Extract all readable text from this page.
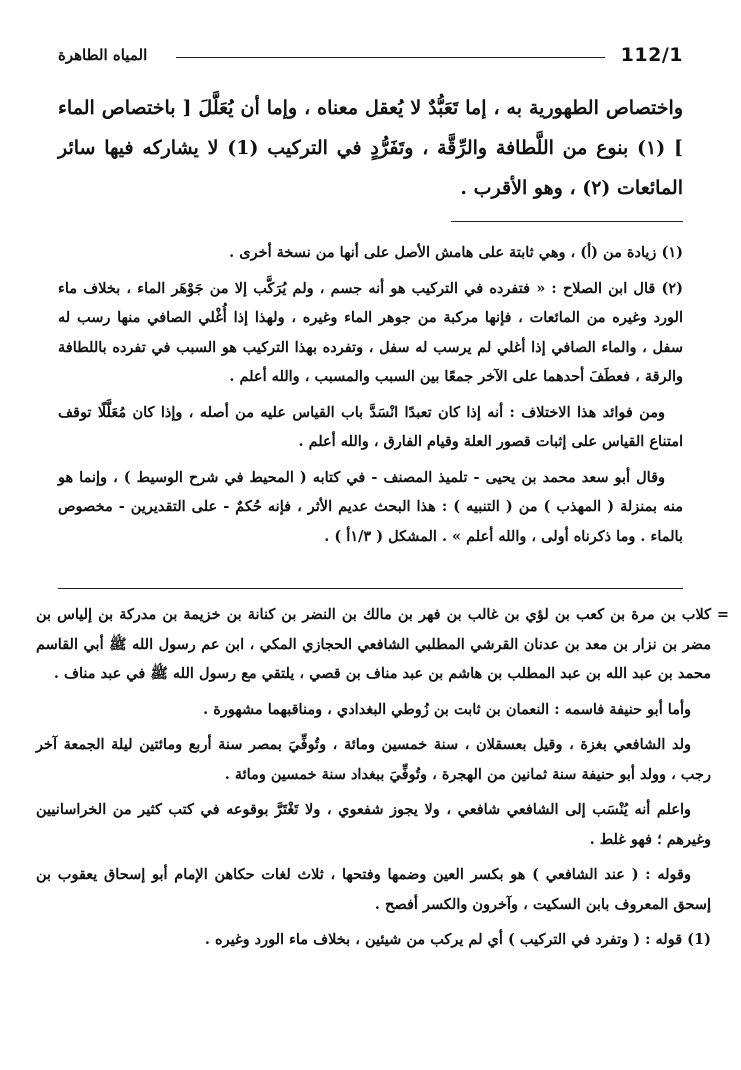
112/1
المياه الطاهرة

واختصاص الطهورية به ، إما تَعَبُّدٌ لا يُعقل معناه ، وإما أن يُعَلَّلَ [ باختصاص الماء ] (١) بنوع من اللَّطافة والرِّقَّة ، وتَفَرُّدٍ في التركيب (1) لا يشاركه فيها سائر المائعات (٢) ، وهو الأقرب .

(١) زيادة من (أ) ، وهي ثابتة على هامش الأصل على أنها من نسخة أخرى .

(٢) قال ابن الصلاح : « فتفرده في التركيب هو أنه جسم ، ولم يُرَكَّب إلا من جَوْهَر الماء ، بخلاف ماء الورد وغيره من المائعات ، فإنها مركبة من جوهر الماء وغيره ، ولهذا إذا أُغْلي الصافي منها رسب له سفل ، والماء الصافي إذا أغلي لم يرسب له سفل ، وتفرده بهذا التركيب هو السبب في تفرده باللطافة والرقة ، فعطَفَ أحدهما على الآخر جمعًا بين السبب والمسبب ، والله أعلم .

ومن فوائد هذا الاختلاف : أنه إذا كان تعبدًا انْسَدَّ باب القياس عليه من أصله ، وإذا كان مُعَلَّلًا توقف امتناع القياس على إثبات قصور العلة وقيام الفارق ، والله أعلم .

وقال أبو سعد محمد بن يحيى - تلميذ المصنف - في كتابه ( المحيط في شرح الوسيط ) ، وإنما هو منه بمنزلة ( المهذب ) من ( التنبيه ) : هذا البحث عديم الأثر ، فإنه حُكمٌ - على التقديرين - مخصوص بالماء . وما ذكرناه أولى ، والله أعلم » . المشكل ( ١/٣أ ) .

=
كلاب بن مرة بن كعب بن لؤي بن غالب بن فهر بن مالك بن النضر بن كنانة بن خزيمة بن مدركة بن إلياس بن مضر بن نزار بن معد بن عدنان القرشي المطلبي الشافعي الحجازي المكي ، ابن عم رسول الله ﷺ أبي القاسم محمد بن عبد الله بن عبد المطلب بن هاشم بن عبد مناف بن قصي ، يلتقي مع رسول الله ﷺ في عبد مناف .

وأما أبو حنيفة فاسمه : النعمان بن ثابت بن زُوطي البغدادي ، ومناقبهما مشهورة .

ولد الشافعي بغزة ، وقيل بعسقلان ، سنة خمسين ومائة ، وتُوفِّيَ بمصر سنة أربع ومائتين ليلة الجمعة آخر رجب ، وولد أبو حنيفة سنة ثمانين من الهجرة ، وتُوفِّيَ ببغداد سنة خمسين ومائة .

واعلم أنه يُنْسَب إلى الشافعي شافعي ، ولا يجوز شفعوي ، ولا تَغْتَرَّ بوقوعه في كتب كثير من الخراسانيين وغيرهم ؛ فهو غلط .

وقوله : ( عند الشافعي ) هو بكسر العين وضمها وفتحها ، ثلاث لغات حكاهن الإمام أبو إسحاق يعقوب بن إسحق المعروف بابن السكيت ، وآخرون والكسر أفصح .

(1) قوله : ( وتفرد في التركيب ) أي لم يركب من شيئين ، بخلاف ماء الورد وغيره .
